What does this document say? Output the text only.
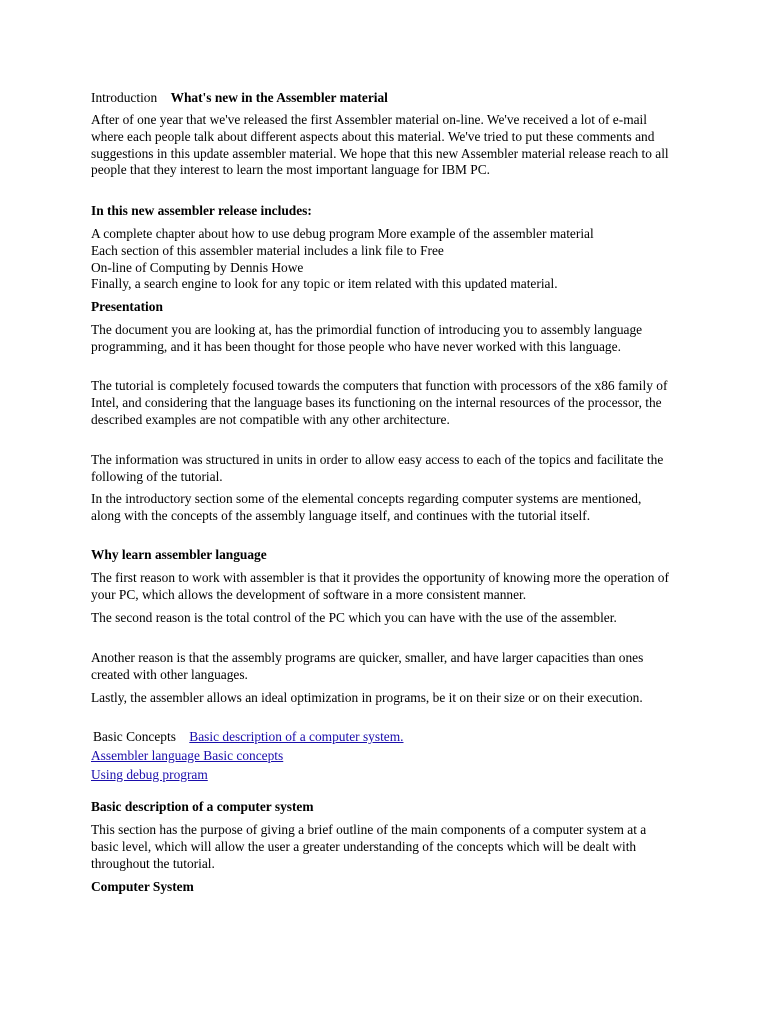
Introduction What's new in the Assembler material

After of one year that we've released the first Assembler material on-line. We've received a lot of e-mail where each people talk about different aspects about this material. We've tried to put these comments and suggestions in this update assembler material. We hope that this new Assembler material release reach to all people that they interest to learn the most important language for IBM PC.

In this new assembler release includes:
A complete chapter about how to use debug program More example of the assembler material
Each section of this assembler material includes a link file to Free
On-line of Computing by Dennis Howe
Finally, a search engine to look for any topic or item related with this updated material.
Presentation

The document you are looking at, has the primordial function of introducing you to assembly language programming, and it has been thought for those people who have never worked with this language.

The tutorial is completely focused towards the computers that function with processors of the x86 family of Intel, and considering that the language bases its functioning on the internal resources of the processor, the described examples are not compatible with any other architecture.

The information was structured in units in order to allow easy access to each of the topics and facilitate the following of the tutorial.

In the introductory section some of the elemental concepts regarding computer systems are mentioned, along with the concepts of the assembly language itself, and continues with the tutorial itself.

Why learn assembler language

The first reason to work with assembler is that it provides the opportunity of knowing more the operation of your PC, which allows the development of software in a more consistent manner.

The second reason is the total control of the PC which you can have with the use of the assembler.

Another reason is that the assembly programs are quicker, smaller, and have larger capacities than ones created with other languages.

Lastly, the assembler allows an ideal optimization in programs, be it on their size or on their execution.

Basic Concepts Basic description of a computer system.
Assembler language Basic concepts
Using debug program
Basic description of a computer system

This section has the purpose of giving a brief outline of the main components of a computer system at a basic level, which will allow the user a greater understanding of the concepts which will be dealt with throughout the tutorial.

Computer System
